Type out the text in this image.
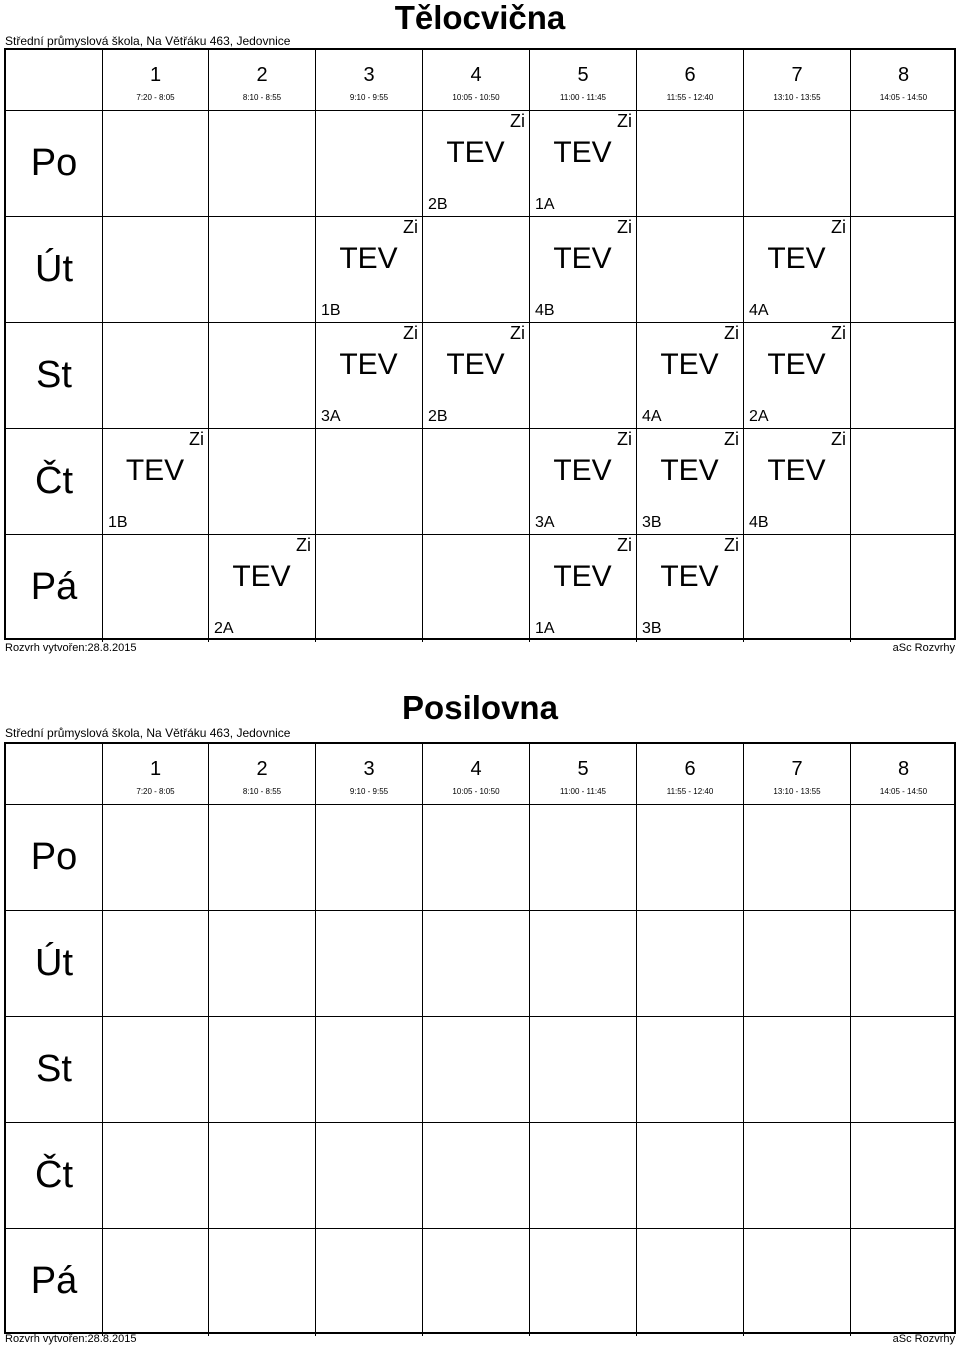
Tělocvična
Střední průmyslová škola, Na Větřáku 463, Jedovnice
1
7:20 - 8:05
2
8:10 - 8:55
3
9:10 - 9:55
4
10:05 - 10:50
5
11:00 - 11:45
6
11:55 - 12:40
7
13:10 - 13:55
8
14:05 - 14:50
Po
Út
St
Čt
Pá
Zi
TEV
2B
Zi
TEV
1A
Zi
TEV
1B
Zi
TEV
4B
Zi
TEV
4A
Zi
TEV
3A
Zi
TEV
2B
Zi
TEV
4A
Zi
TEV
2A
Zi
TEV
1B
Zi
TEV
3A
Zi
TEV
3B
Zi
TEV
4B
Zi
TEV
2A
Zi
TEV
1A
Zi
TEV
3B
Rozvrh vytvořen:28.8.2015	aSc Rozvrhy
Posilovna
Střední průmyslová škola, Na Větřáku 463, Jedovnice
1
7:20 - 8:05
2
8:10 - 8:55
3
9:10 - 9:55
4
10:05 - 10:50
5
11:00 - 11:45
6
11:55 - 12:40
7
13:10 - 13:55
8
14:05 - 14:50
Po
Út
St
Čt
Pá
Rozvrh vytvořen:28.8.2015	aSc Rozvrhy
